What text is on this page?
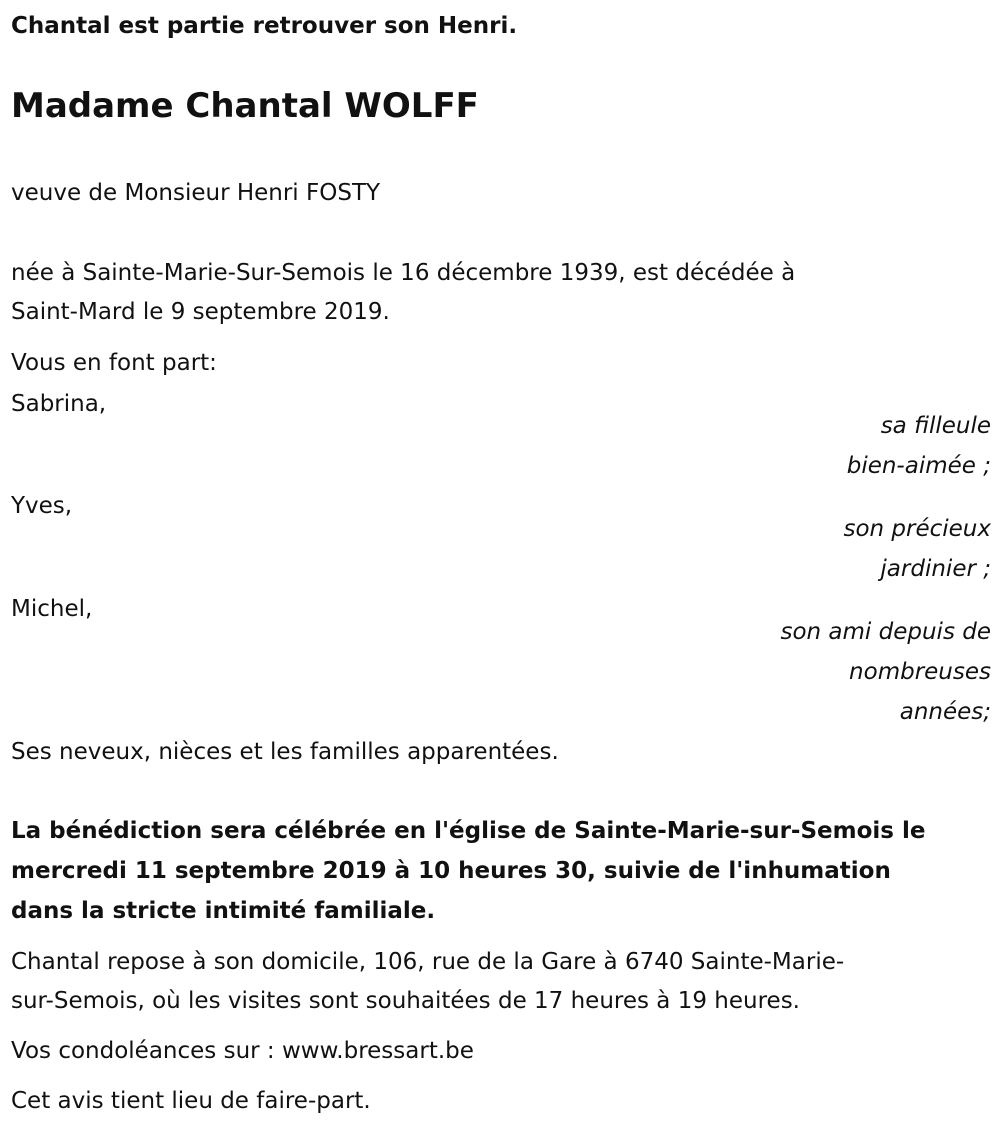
Chantal est partie retrouver son Henri.
Madame Chantal WOLFF
veuve de Monsieur Henri FOSTY
née à Sainte-Marie-Sur-Semois le 16 décembre 1939, est décédée à
Saint-Mard le 9 septembre 2019.
Vous en font part:
Sabrina,
sa filleule
bien-aimée ;
Yves,
son précieux
jardinier ;
Michel,
son ami depuis de
nombreuses
années;
Ses neveux, nièces et les familles apparentées.
La bénédiction sera célébrée en l'église de Sainte-Marie-sur-Semois le
mercredi 11 septembre 2019 à 10 heures 30, suivie de l'inhumation
dans la stricte intimité familiale.
Chantal repose à son domicile, 106, rue de la Gare à 6740 Sainte-Marie-
sur-Semois, où les visites sont souhaitées de 17 heures à 19 heures.
Vos condoléances sur : www.bressart.be
Cet avis tient lieu de faire-part.
